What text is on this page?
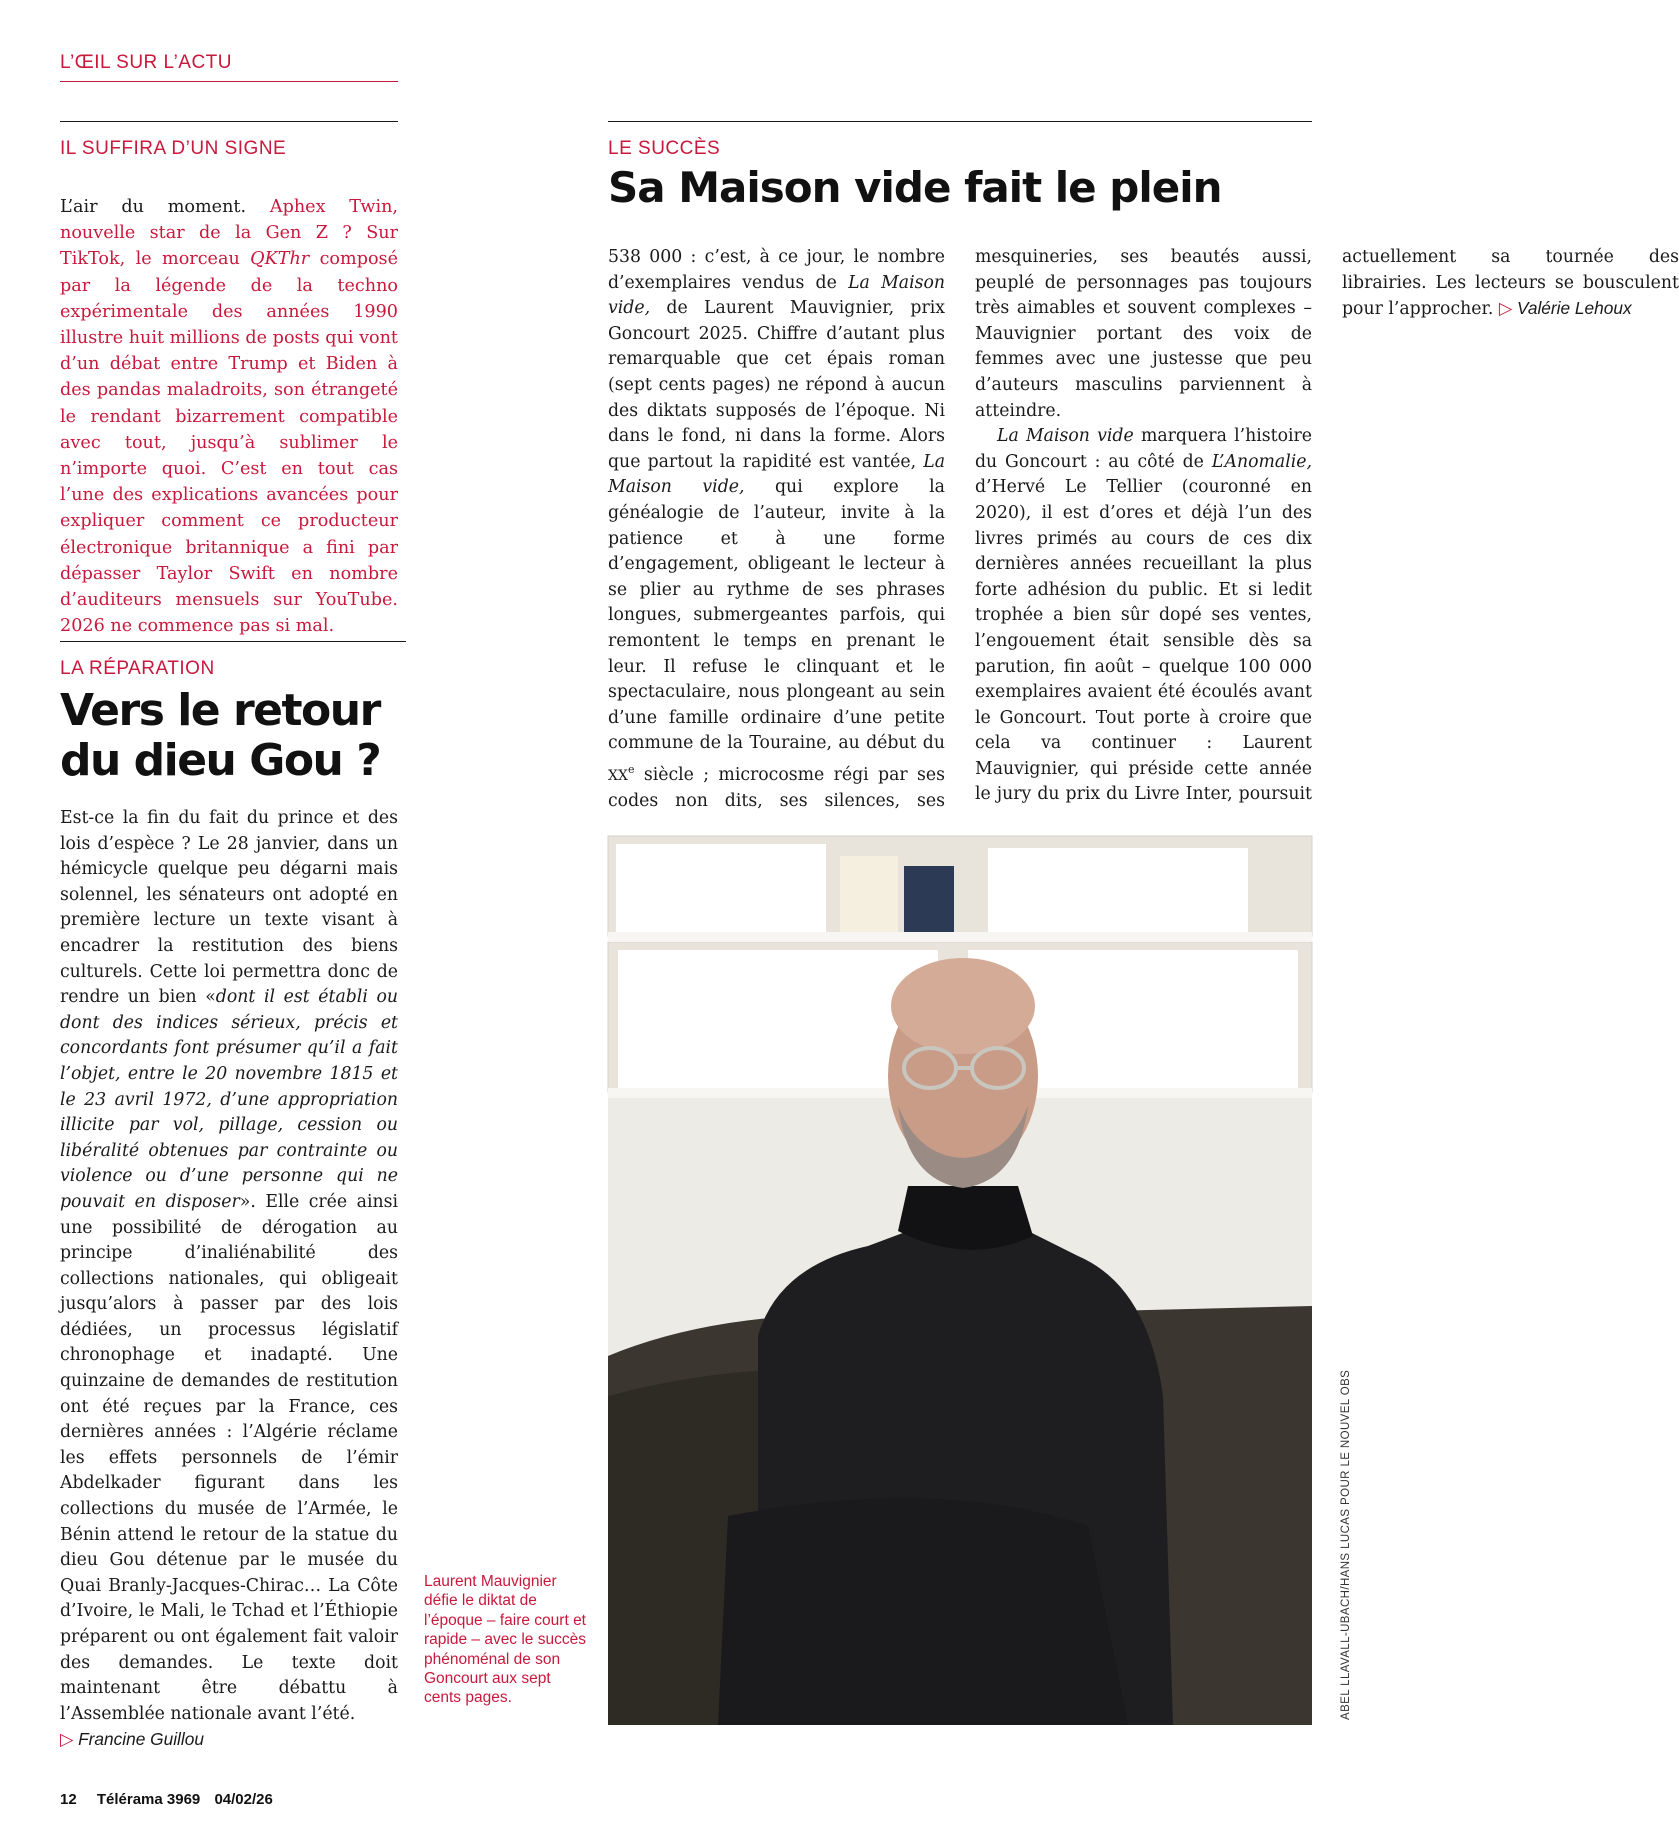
L’ŒIL SUR L’ACTU

IL SUFFIRA D’UN SIGNE

L’air du moment. Aphex Twin, nouvelle star de la Gen Z ? Sur TikTok, le morceau QKThr composé par la légende de la techno expérimentale des années 1990 illustre huit millions de posts qui vont d’un débat entre Trump et Biden à des pandas maladroits, son étrangeté le rendant bizarrement compatible avec tout, jusqu’à sublimer le n’importe quoi. C’est en tout cas l’une des explications avancées pour expliquer comment ce producteur électronique britannique a fini par dépasser Taylor Swift en nombre d’auditeurs mensuels sur YouTube. 2026 ne commence pas si mal.

LA RÉPARATION

Vers le retour
du dieu Gou ?

Est-ce la fin du fait du prince et des lois d’espèce ? Le 28 janvier, dans un hémicycle quelque peu dégarni mais solennel, les sénateurs ont adopté en première lecture un texte visant à encadrer la restitution des biens culturels. Cette loi permettra donc de rendre un bien «dont il est établi ou dont des indices sérieux, précis et concordants font présumer qu’il a fait l’objet, entre le 20 novembre 1815 et le 23 avril 1972, d’une appropriation illicite par vol, pillage, cession ou libéralité obtenues par contrainte ou violence ou d’une personne qui ne pouvait en disposer». Elle crée ainsi une possibilité de dérogation au principe d’inaliénabilité des collections nationales, qui obligeait jusqu’alors à passer par des lois dédiées, un processus législatif chronophage et inadapté. Une quinzaine de demandes de restitution ont été reçues par la France, ces dernières années : l’Algérie réclame les effets personnels de l’émir Abdelkader figurant dans les collections du musée de l’Armée, le Bénin attend le retour de la statue du dieu Gou détenue par le musée du Quai Branly-Jacques-Chirac… La Côte d’Ivoire, le Mali, le Tchad et l’Éthiopie préparent ou ont également fait valoir des demandes. Le texte doit maintenant être débattu à l’Assemblée nationale avant l’été.
▷ Francine Guillou

LE SUCCÈS

Sa Maison vide fait le plein

538 000 : c’est, à ce jour, le nombre d’exemplaires vendus de La Maison vide, de Laurent Mauvignier, prix Goncourt 2025. Chiffre d’autant plus remarquable que cet épais roman (sept cents pages) ne répond à aucun des diktats supposés de l’époque. Ni dans le fond, ni dans la forme. Alors que partout la rapidité est vantée, La Maison vide, qui explore la généalogie de l’auteur, invite à la patience et à une forme d’engagement, obligeant le lecteur à se plier au rythme de ses phrases longues, submergeantes parfois, qui remontent le temps en prenant le leur. Il refuse le clinquant et le spectaculaire, nous plongeant au sein d’une famille ordinaire d’une petite commune de la Touraine, au début du XXe siècle ; microcosme régi par ses codes non dits, ses silences, ses mesquineries, ses beautés aussi, peuplé de personnages pas toujours très aimables et souvent complexes – Mauvignier portant des voix de femmes avec une justesse que peu d’auteurs masculins parviennent à atteindre.

La Maison vide marquera l’histoire du Goncourt : au côté de L’Anomalie, d’Hervé Le Tellier (couronné en 2020), il est d’ores et déjà l’un des livres primés au cours de ces dix dernières années recueillant la plus forte adhésion du public. Et si ledit trophée a bien sûr dopé ses ventes, l’engouement était sensible dès sa parution, fin août – quelque 100 000 exemplaires avaient été écoulés avant le Goncourt. Tout porte à croire que cela va continuer : Laurent Mauvignier, qui préside cette année le jury du prix du Livre Inter, poursuit actuellement sa tournée des librairies. Les lecteurs se bousculent pour l’approcher. ▷ Valérie Lehoux

Laurent Mauvignier défie le diktat de l’époque – faire court et rapide – avec le succès phénoménal de son Goncourt aux sept cents pages.	ABEL LLAVALL-UBACH/HANS LUCAS POUR LE NOUVEL OBS
12 Télérama 3969 04/02/26
